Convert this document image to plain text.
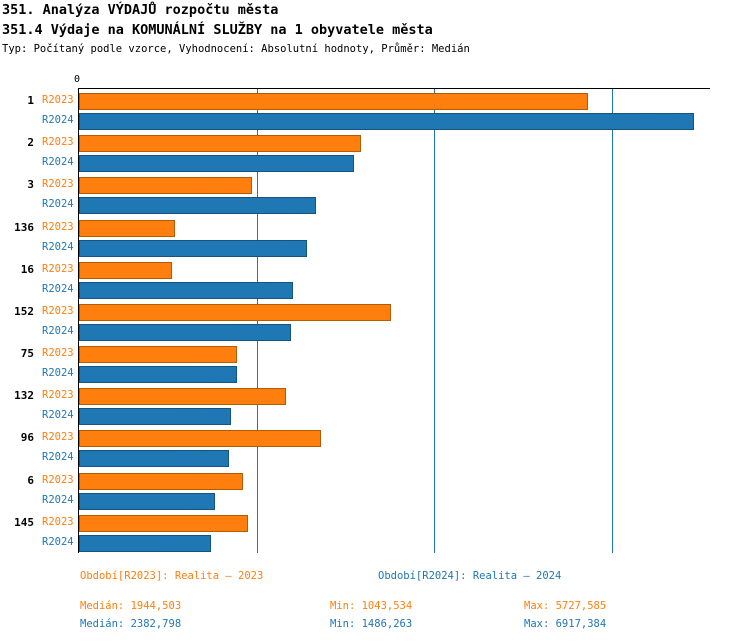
351. Analýza VÝDAJŮ rozpočtu města
351.4 Výdaje na KOMUNÁLNÍ SLUŽBY na 1 obyvatele města
Typ: Počítaný podle vzorce, Vyhodnocení: Absolutní hodnoty, Průměr: Medián
0
5727,585
6917,384
3172,21
3095,315
1944,503
2667,187
1075,463
2570,357
1043,534
2409,795
3513,678
2382,798
1773,79
1781,564
2324,285
1704,986
2724,475
1683,449
1842,538
1527,265
1899,592
1486,263
Období[R2023]: Realita – 2023	Období[R2024]: Realita – 2024
Medián: 1944,503
Medián: 2382,798
Min: 1043,534
Min: 1486,263
Max: 5727,585
Max: 6917,384
1 R2023
R2024
2 R2023
R2024
3 R2023
R2024
136 R2023
R2024
16 R2023
R2024
152 R2023
R2024
75 R2023
R2024
132 R2023
R2024
96 R2023
R2024
6 R2023
R2024
145 R2023
R2024
